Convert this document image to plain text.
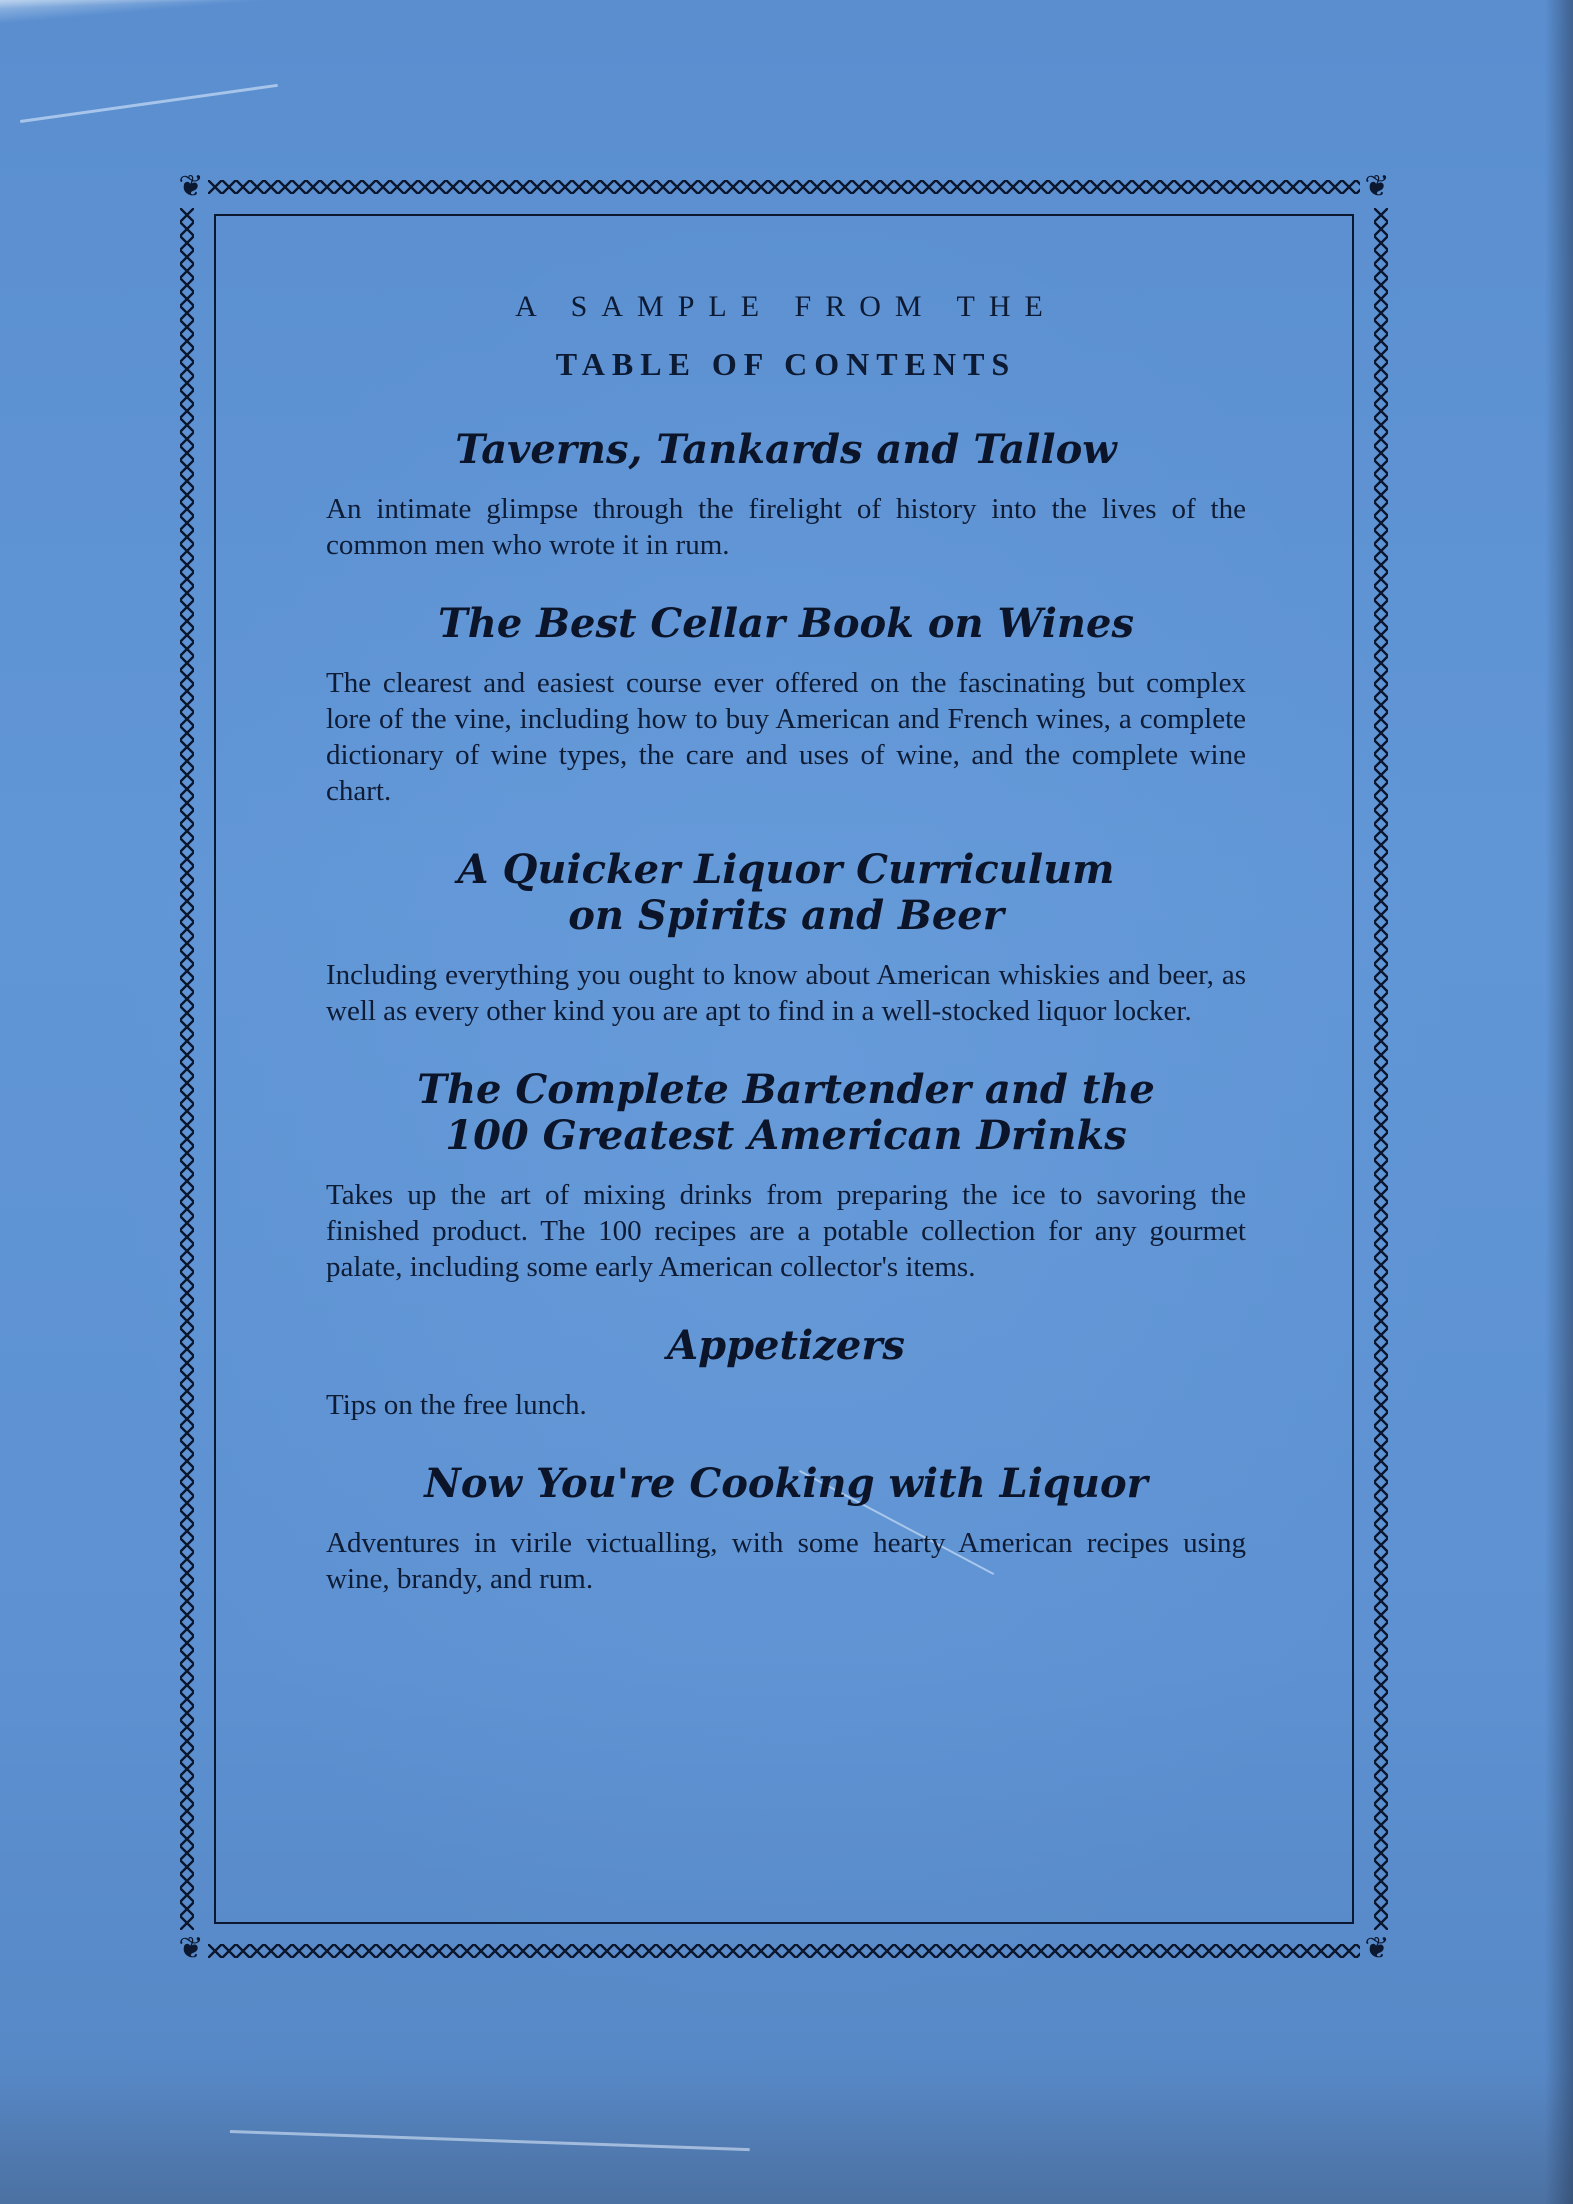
❦	❦
❦	❦
A SAMPLE FROM THE
TABLE OF CONTENTS
Taverns, Tankards and Tallow
An intimate glimpse through the firelight of history into the lives of the common men who wrote it in rum.
The Best Cellar Book on Wines
The clearest and easiest course ever offered on the fascinating but complex lore of the vine, including how to buy American and French wines, a complete dictionary of wine types, the care and uses of wine, and the complete wine chart.
A Quicker Liquor Curriculum
on Spirits and Beer
Including everything you ought to know about American whiskies and beer, as well as every other kind you are apt to find in a well-stocked liquor locker.
The Complete Bartender and the
100 Greatest American Drinks
Takes up the art of mixing drinks from preparing the ice to savoring the finished product. The 100 recipes are a potable collection for any gourmet palate, including some early American collector's items.
Appetizers
Tips on the free lunch.
Now You're Cooking with Liquor
Adventures in virile victualling, with some hearty American recipes using wine, brandy, and rum.
